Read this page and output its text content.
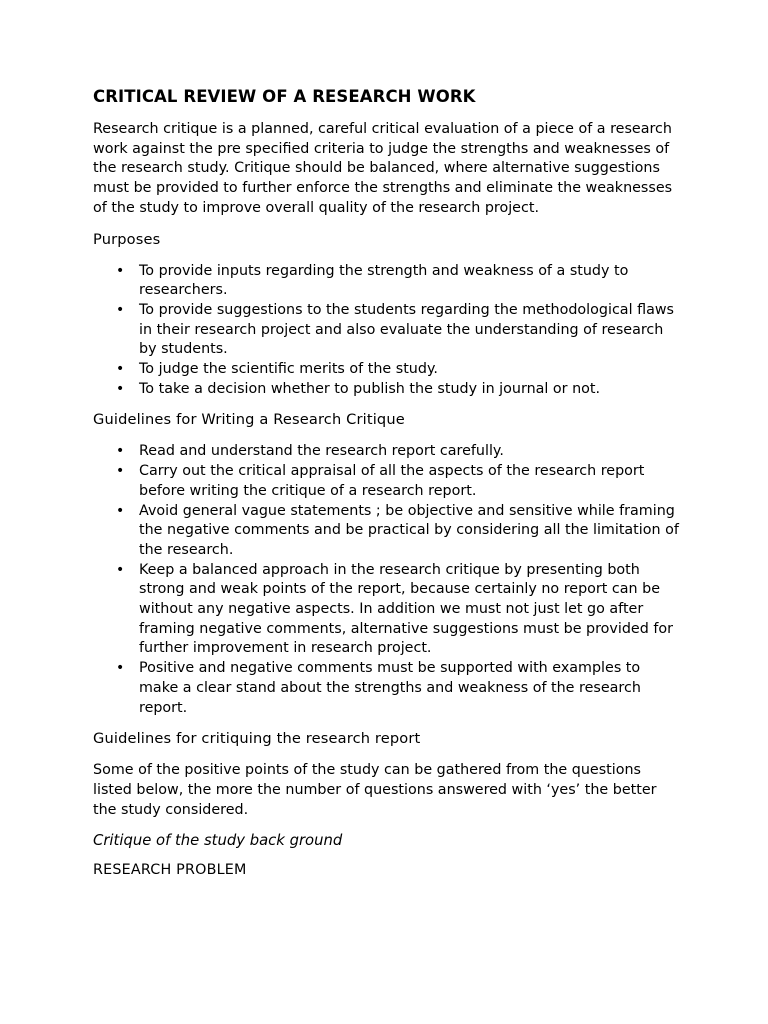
CRITICAL REVIEW OF A RESEARCH WORK

Research critique is a planned, careful critical evaluation of a piece of a research work against the pre specified criteria to judge the strengths and weaknesses of the research study. Critique should be balanced, where alternative suggestions must be provided to further enforce the strengths and eliminate the weaknesses of the study to improve overall quality of the research project.

Purposes
• To provide inputs regarding the strength and weakness of a study to researchers.
• To provide suggestions to the students regarding the methodological flaws in their research project and also evaluate the understanding of research by students.
• To judge the scientific merits of the study.
• To take a decision whether to publish the study in journal or not.
Guidelines for Writing a Research Critique
• Read and understand the research report carefully.
• Carry out the critical appraisal of all the aspects of the research report before writing the critique of a research report.
• Avoid general vague statements ; be objective and sensitive while framing the negative comments and be practical by considering all the limitation of the research.
• Keep a balanced approach in the research critique by presenting both strong and weak points of the report, because certainly no report can be without any negative aspects. In addition we must not just let go after framing negative comments, alternative suggestions must be provided for further improvement in research project.
• Positive and negative comments must be supported with examples to make a clear stand about the strengths and weakness of the research report.
Guidelines for critiquing the research report

Some of the positive points of the study can be gathered from the questions listed below, the more the number of questions answered with ‘yes’ the better the study considered.

Critique of the study back ground
RESEARCH PROBLEM
